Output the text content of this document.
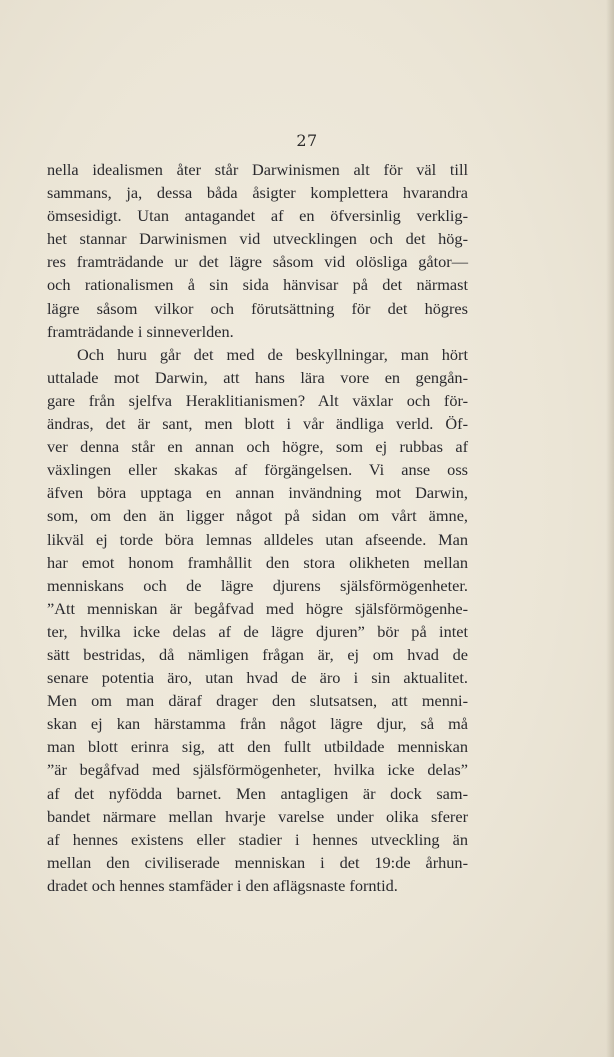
27
nella idealismen åter står Darwinismen alt för väl till
sammans, ja, dessa båda åsigter komplettera hvarandra
ömsesidigt. Utan antagandet af en öfversinlig verklig-
het stannar Darwinismen vid utvecklingen och det hög-
res framträdande ur det lägre såsom vid olösliga gåtor—
och rationalismen å sin sida hänvisar på det närmast
lägre såsom vilkor och förutsättning för det högres
framträdande i sinneverlden.
Och huru går det med de beskyllningar, man hört
uttalade mot Darwin, att hans lära vore en gengån-
gare från sjelfva Heraklitianismen? Alt växlar och för-
ändras, det är sant, men blott i vår ändliga verld. Öf-
ver denna står en annan och högre, som ej rubbas af
växlingen eller skakas af förgängelsen. Vi anse oss
äfven böra upptaga en annan invändning mot Darwin,
som, om den än ligger något på sidan om vårt ämne,
likväl ej torde böra lemnas alldeles utan afseende. Man
har emot honom framhållit den stora olikheten mellan
menniskans och de lägre djurens själsförmögenheter.
”Att menniskan är begåfvad med högre själsförmögenhe-
ter, hvilka icke delas af de lägre djuren” bör på intet
sätt bestridas, då nämligen frågan är, ej om hvad de
senare potentia äro, utan hvad de äro i sin aktualitet.
Men om man däraf drager den slutsatsen, att menni-
skan ej kan härstamma från något lägre djur, så må
man blott erinra sig, att den fullt utbildade menniskan
”är begåfvad med själsförmögenheter, hvilka icke delas”
af det nyfödda barnet. Men antagligen är dock sam-
bandet närmare mellan hvarje varelse under olika sferer
af hennes existens eller stadier i hennes utveckling än
mellan den civiliserade menniskan i det 19:de århun-
dradet och hennes stamfäder i den aflägsnaste forntid.
